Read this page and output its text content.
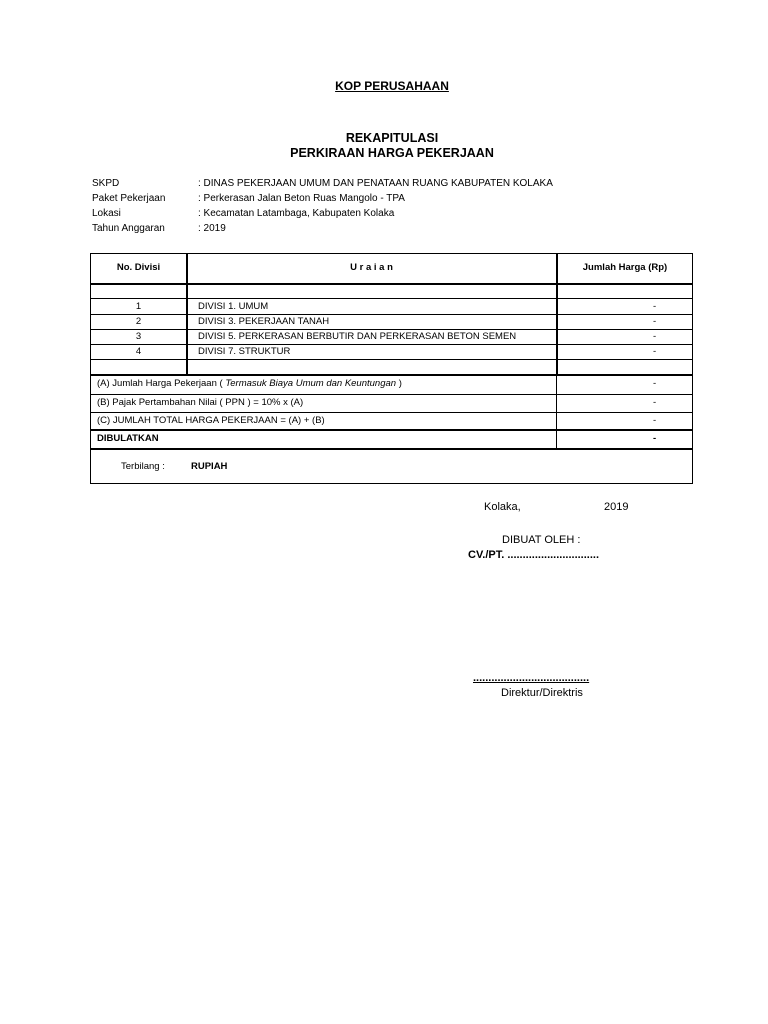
KOP PERUSAHAAN
REKAPITULASI
PERKIRAAN HARGA PEKERJAAN
SKPD	: DINAS PEKERJAAN UMUM DAN PENATAAN RUANG KABUPATEN KOLAKA
Paket Pekerjaan	: Perkerasan Jalan Beton Ruas Mangolo - TPA
Lokasi	: Kecamatan Latambaga, Kabupaten Kolaka
Tahun Anggaran	: 2019
No. Divisi	U r a i a n	Jumlah Harga (Rp)
1	DIVISI 1. UMUM	-
2	DIVISI 3. PEKERJAAN TANAH	-
3	DIVISI 5. PERKERASAN BERBUTIR DAN PERKERASAN BETON SEMEN	-
4	DIVISI 7. STRUKTUR	-
(A) Jumlah Harga Pekerjaan ( Termasuk Biaya Umum dan Keuntungan )	-
(B) Pajak Pertambahan Nilai ( PPN ) = 10% x (A)	-
(C) JUMLAH TOTAL HARGA PEKERJAAN = (A) + (B)	-
DIBULATKAN	-
Terbilang :	RUPIAH
Kolaka,	2019
DIBUAT OLEH :
CV./PT. ..............................
......................................
Direktur/Direktris
